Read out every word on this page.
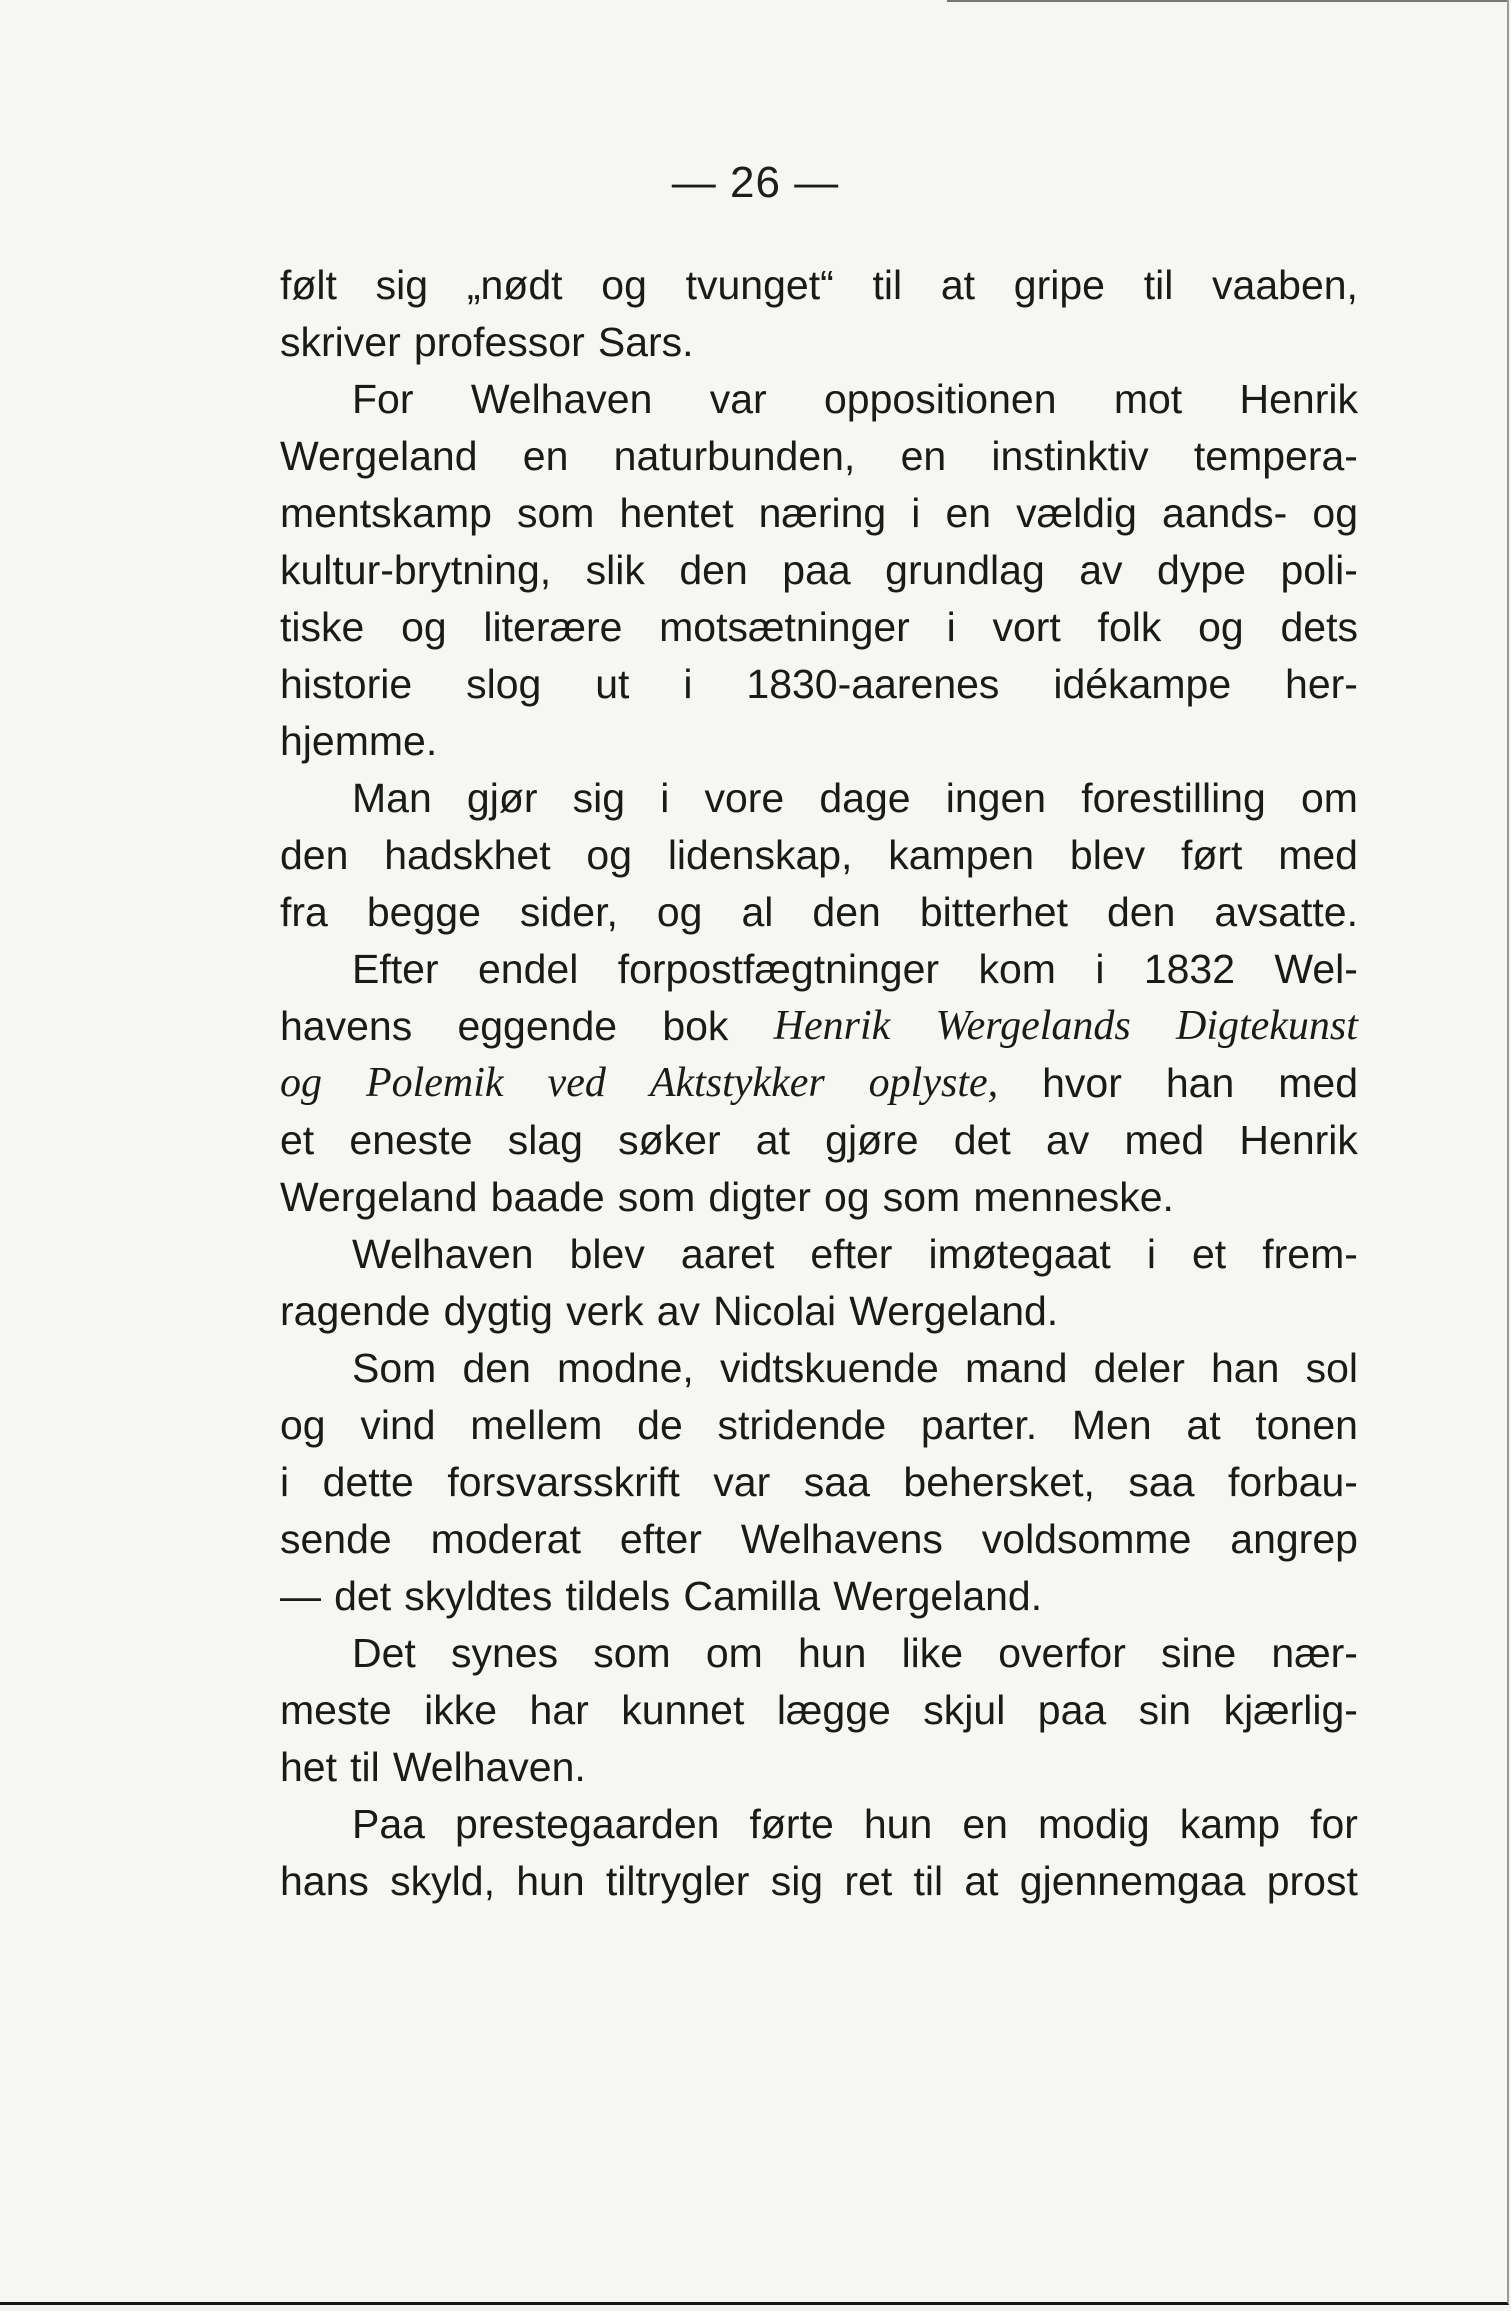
— 26 —
følt sig „nødt og tvunget“ til at gripe til vaaben,
skriver professor Sars.
For Welhaven var oppositionen mot Henrik
Wergeland en naturbunden, en instinktiv tempera-
mentskamp som hentet næring i en vældig aands- og
kultur-brytning, slik den paa grundlag av dype poli-
tiske og literære motsætninger i vort folk og dets
historie slog ut i 1830-aarenes idékampe her-
hjemme.
Man gjør sig i vore dage ingen forestilling om
den hadskhet og lidenskap, kampen blev ført med
fra begge sider, og al den bitterhet den avsatte.
Efter endel forpostfægtninger kom i 1832 Wel-
havens eggende bok Henrik Wergelands Digtekunst
og Polemik ved Aktstykker oplyste, hvor han med
et eneste slag søker at gjøre det av med Henrik
Wergeland baade som digter og som menneske.
Welhaven blev aaret efter imøtegaat i et frem-
ragende dygtig verk av Nicolai Wergeland.
Som den modne, vidtskuende mand deler han sol
og vind mellem de stridende parter. Men at tonen
i dette forsvarsskrift var saa behersket, saa forbau-
sende moderat efter Welhavens voldsomme angrep
— det skyldtes tildels Camilla Wergeland.
Det synes som om hun like overfor sine nær-
meste ikke har kunnet lægge skjul paa sin kjærlig-
het til Welhaven.
Paa prestegaarden førte hun en modig kamp for
hans skyld, hun tiltrygler sig ret til at gjennemgaa prost
